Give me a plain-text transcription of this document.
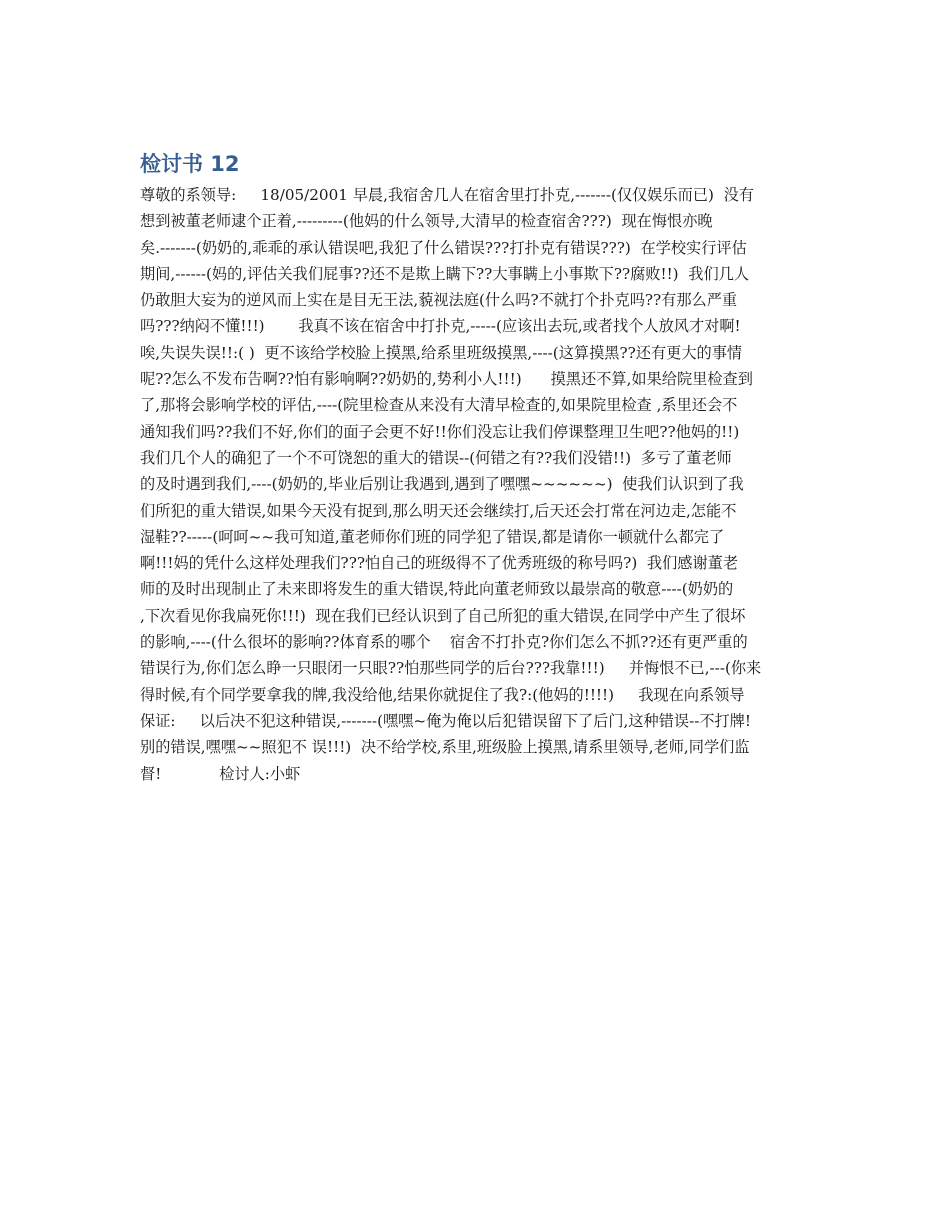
检讨书 12
尊敬的系领导:     18/05/2001 早晨,我宿舍几人在宿舍里打扑克,-------(仅仅娱乐而已)  没有
想到被董老师逮个正着,---------(他妈的什么领导,大清早的检查宿舍???)  现在悔恨亦晚
矣.-------(奶奶的,乖乖的承认错误吧,我犯了什么错误???打扑克有错误???)  在学校实行评估
期间,------(妈的,评估关我们屁事??还不是欺上瞒下??大事瞒上小事欺下??腐败!!)  我们几人
仍敢胆大妄为的逆风而上实在是目无王法,藐视法庭(什么吗?不就打个扑克吗??有那么严重
吗???纳闷不懂!!!)       我真不该在宿舍中打扑克,-----(应该出去玩,或者找个人放风才对啊!
唉,失误失误!!:( )  更不该给学校脸上摸黑,给系里班级摸黑,----(这算摸黑??还有更大的事情
呢??怎么不发布告啊??怕有影响啊??奶奶的,势利小人!!!)      摸黑还不算,如果给院里检查到
了,那将会影响学校的评估,----(院里检查从来没有大清早检查的,如果院里检查 ,系里还会不
通知我们吗??我们不好,你们的面子会更不好!!你们没忘让我们停课整理卫生吧??他妈的!!)
我们几个人的确犯了一个不可饶恕的重大的错误--(何错之有??我们没错!!)  多亏了董老师
的及时遇到我们,----(奶奶的,毕业后别让我遇到,遇到了嘿嘿~~~~~~)  使我们认识到了我
们所犯的重大错误,如果今天没有捉到,那么明天还会继续打,后天还会打常在河边走,怎能不
湿鞋??-----(呵呵~~我可知道,董老师你们班的同学犯了错误,都是请你一顿就什么都完了
啊!!!妈的凭什么这样处理我们???怕自己的班级得不了优秀班级的称号吗?)  我们感谢董老
师的及时出现制止了未来即将发生的重大错误,特此向董老师致以最崇高的敬意----(奶奶的
,下次看见你我扁死你!!!)  现在我们已经认识到了自己所犯的重大错误,在同学中产生了很坏
的影响,----(什么很坏的影响??体育系的哪个    宿舍不打扑克?你们怎么不抓??还有更严重的
错误行为,你们怎么睁一只眼闭一只眼??怕那些同学的后台???我靠!!!)     并悔恨不已,---(你来
得时候,有个同学要拿我的牌,我没给他,结果你就捉住了我?:(他妈的!!!!)     我现在向系领导
保证:     以后决不犯这种错误,-------(嘿嘿~俺为俺以后犯错误留下了后门,这种错误--不打牌!
别的错误,嘿嘿~~照犯不 误!!!)  决不给学校,系里,班级脸上摸黑,请系里领导,老师,同学们监
督!            检讨人:小虾
